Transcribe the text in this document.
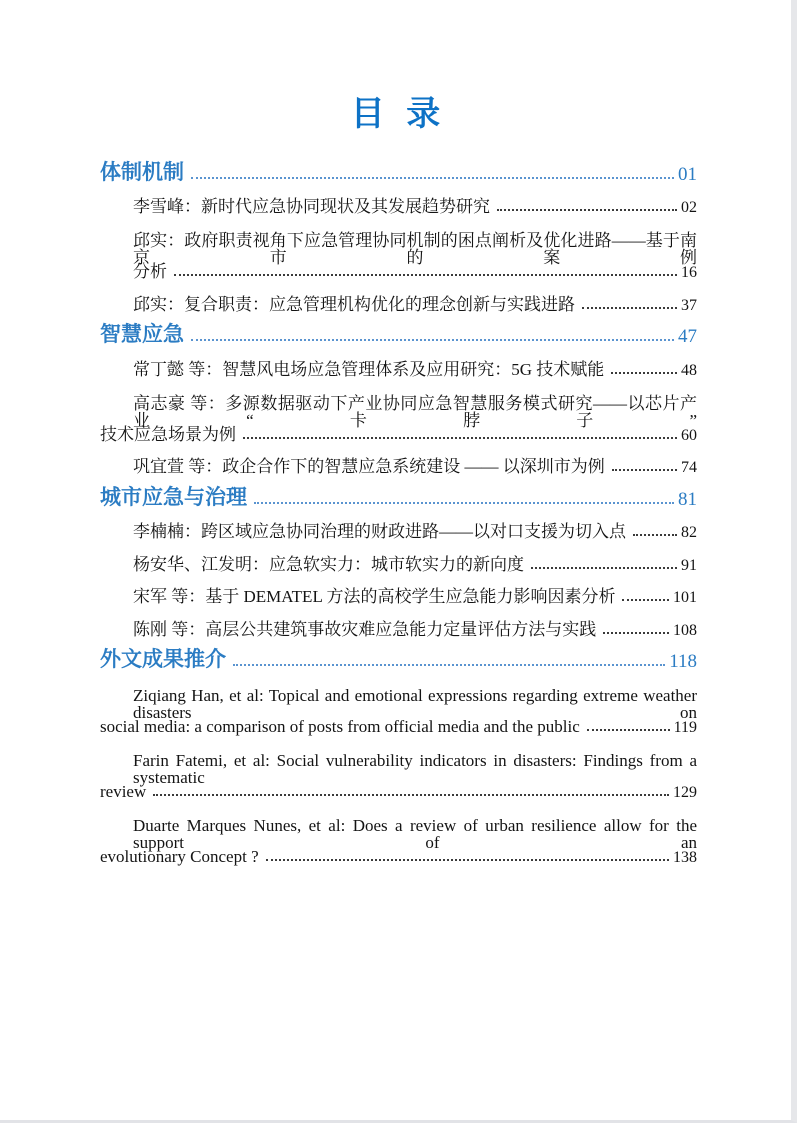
目 录
体制机制	01
李雪峰：新时代应急协同现状及其发展趋势研究	02
邱实：政府职责视角下应急管理协同机制的困点阐析及优化进路——基于南京市的案例
分析	16
邱实：复合职责：应急管理机构优化的理念创新与实践进路	37
智慧应急	47
常丁懿 等：智慧风电场应急管理体系及应用研究：5G 技术赋能	48
高志豪 等：多源数据驱动下产业协同应急智慧服务模式研究——以芯片产业“卡脖子”
技术应急场景为例	60
巩宜萱 等：政企合作下的智慧应急系统建设 —— 以深圳市为例	74
城市应急与治理	81
李楠楠：跨区域应急协同治理的财政进路——以对口支援为切入点	82
杨安华、江发明：应急软实力：城市软实力的新向度	91
宋军 等：基于 DEMATEL 方法的高校学生应急能力影响因素分析	101
陈刚 等：高层公共建筑事故灾难应急能力定量评估方法与实践	108
外文成果推介	118
Ziqiang Han, et al: Topical and emotional expressions regarding extreme weather disasters on
social media: a comparison of posts from official media and the public	119
Farin Fatemi, et al: Social vulnerability indicators in disasters: Findings from a systematic
review	129
Duarte Marques Nunes, et al: Does a review of urban resilience allow for the support of an
evolutionary Concept ?	138
